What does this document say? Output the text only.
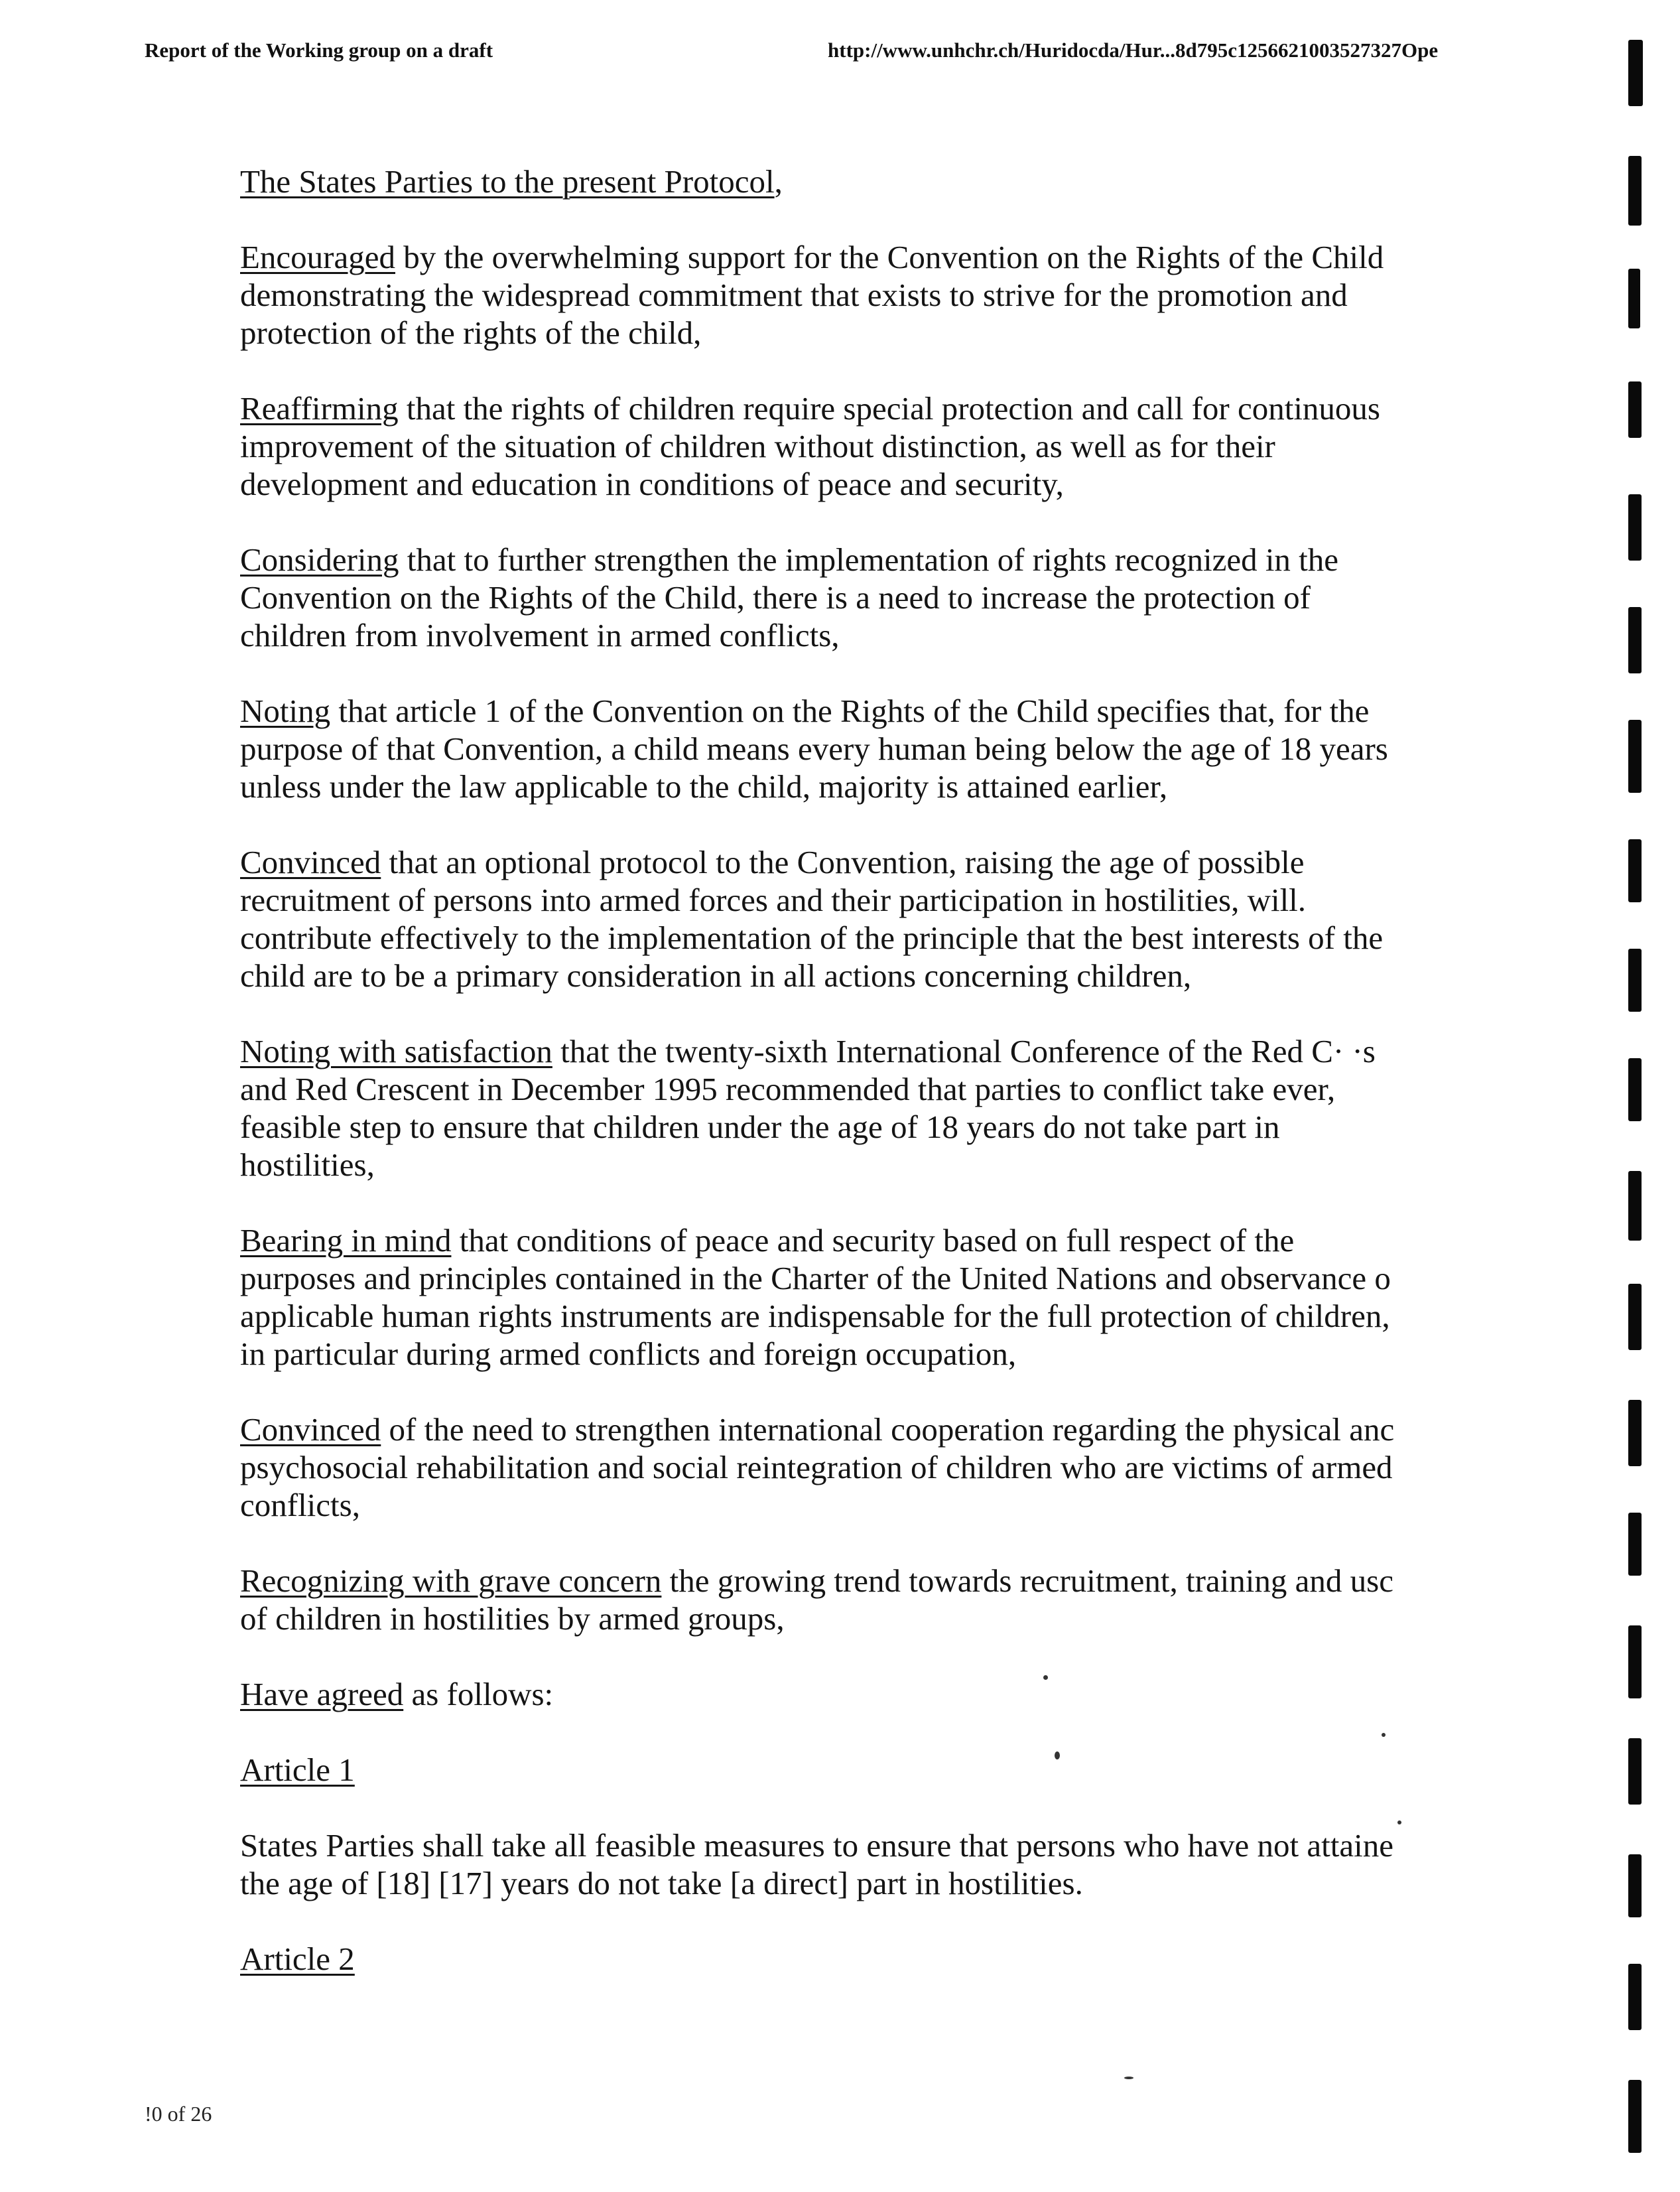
Report of the Working group on a draft	http://www.unhchr.ch/Huridocda/Hur...8d795c1256621003527327Ope

The States Parties to the present Protocol,

Encouraged by the overwhelming support for the Convention on the Rights of the Child
demonstrating the widespread commitment that exists to strive for the promotion and
protection of the rights of the child,

Reaffirming that the rights of children require special protection and call for continuous
improvement of the situation of children without distinction, as well as for their
development and education in conditions of peace and security,

Considering that to further strengthen the implementation of rights recognized in the
Convention on the Rights of the Child, there is a need to increase the protection of
children from involvement in armed conflicts,

Noting that article 1 of the Convention on the Rights of the Child specifies that, for the
purpose of that Convention, a child means every human being below the age of 18 years
unless under the law applicable to the child, majority is attained earlier,

Convinced that an optional protocol to the Convention, raising the age of possible
recruitment of persons into armed forces and their participation in hostilities, will.
contribute effectively to the implementation of the principle that the best interests of the
child are to be a primary consideration in all actions concerning children,

Noting with satisfaction that the twenty-sixth International Conference of the Red C· ·s
and Red Crescent in December 1995 recommended that parties to conflict take ever,
feasible step to ensure that children under the age of 18 years do not take part in
hostilities,

Bearing in mind that conditions of peace and security based on full respect of the
purposes and principles contained in the Charter of the United Nations and observance o
applicable human rights instruments are indispensable for the full protection of children,
in particular during armed conflicts and foreign occupation,

Convinced of the need to strengthen international cooperation regarding the physical anc
psychosocial rehabilitation and social reintegration of children who are victims of armed
conflicts,

Recognizing with grave concern the growing trend towards recruitment, training and usc
of children in hostilities by armed groups,

Have agreed as follows:

Article 1

States Parties shall take all feasible measures to ensure that persons who have not attaine
the age of [18] [17] years do not take [a direct] part in hostilities.

Article 2

!0 of 26
